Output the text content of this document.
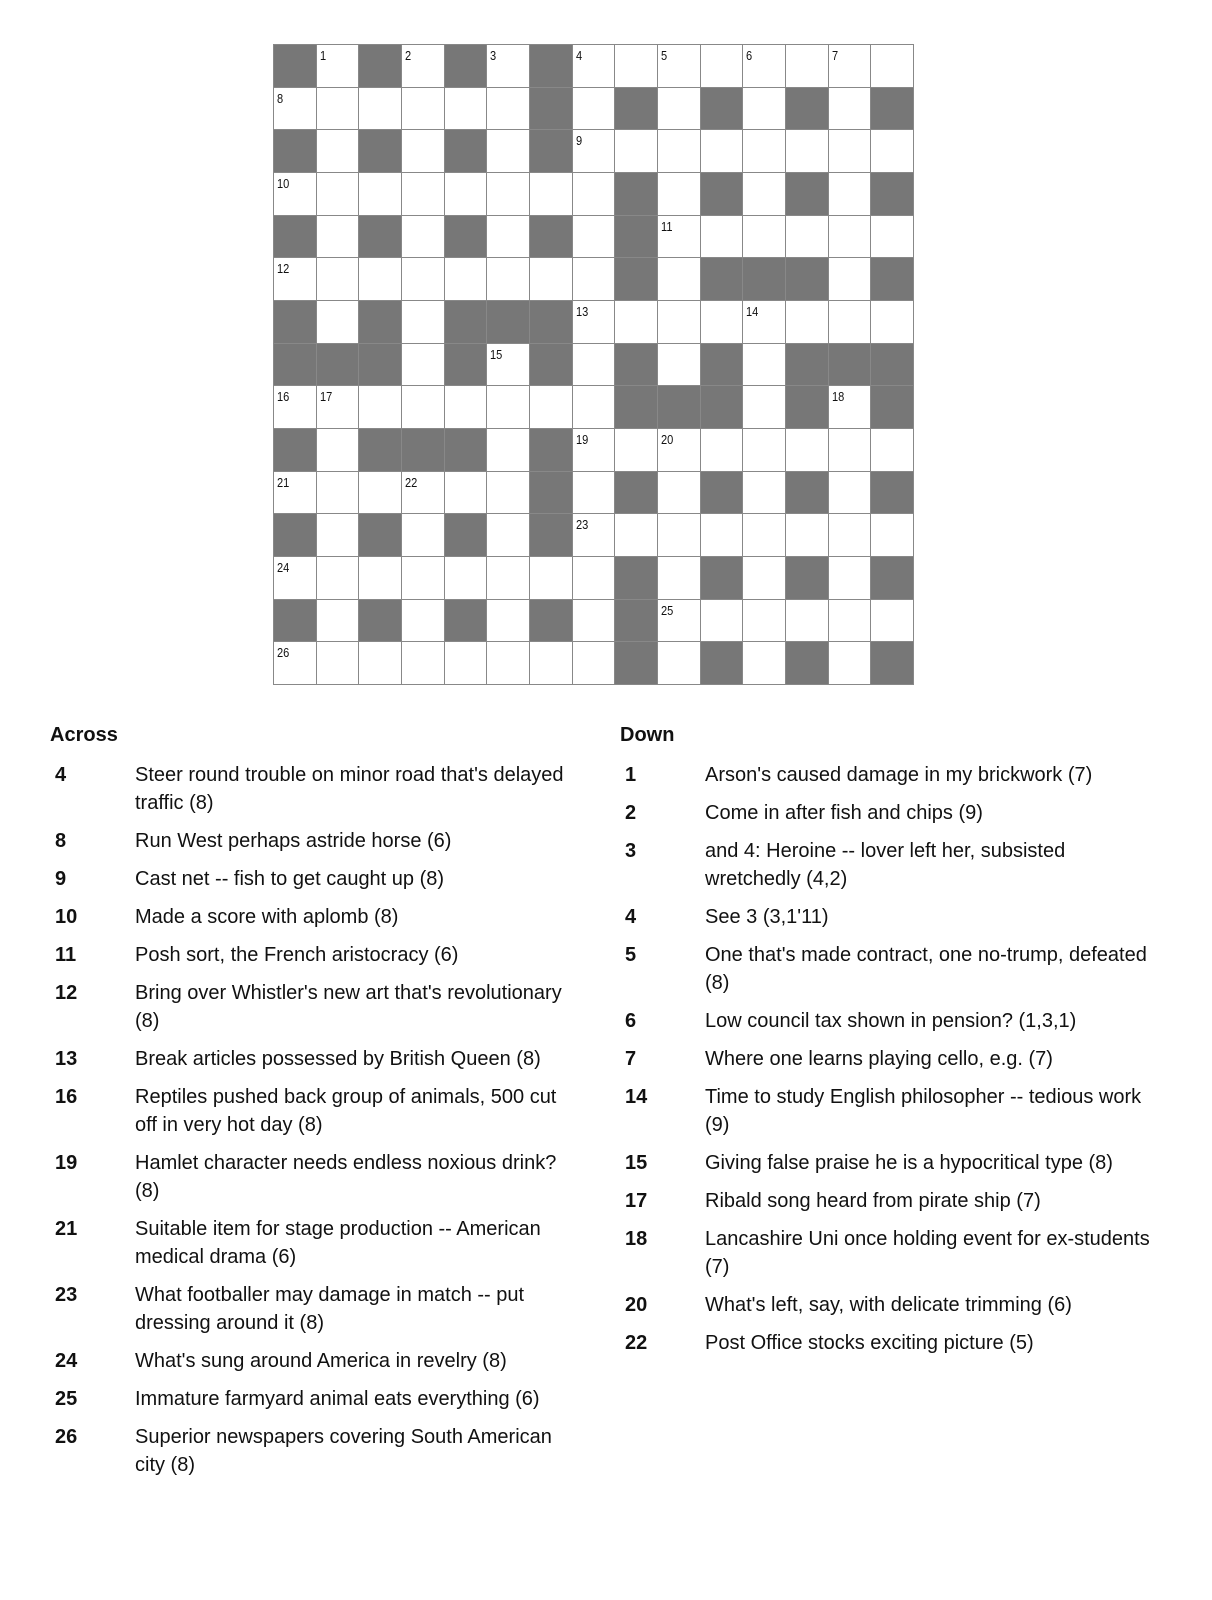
1	2	3	4	5	6	7
8
9
10
11
12
13	14
15
16 17	18
19	20
21	22
23
24
25
26
Across
4	Steer round trouble on minor road that's delayed traffic (8)
8	Run West perhaps astride horse (6)
9	Cast net -- fish to get caught up (8)
10	Made a score with aplomb (8)
11	Posh sort, the French aristocracy (6)
12	Bring over Whistler's new art that's revolutionary (8)
13	Break articles possessed by British Queen (8)
16	Reptiles pushed back group of animals, 500 cut off in very hot day (8)
19	Hamlet character needs endless noxious drink? (8)
21	Suitable item for stage production -- American medical drama (6)
23	What footballer may damage in match -- put dressing around it (8)
24	What's sung around America in revelry (8)
25	Immature farmyard animal eats everything (6)
26	Superior newspapers covering South American city (8)
Down
1	Arson's caused damage in my brickwork (7)
2	Come in after fish and chips (9)
3	and 4: Heroine -- lover left her, subsisted wretchedly (4,2)
4	See 3 (3,1'11)
5	One that's made contract, one no-trump, defeated (8)
6	Low council tax shown in pension? (1,3,1)
7	Where one learns playing cello, e.g. (7)
14	Time to study English philosopher -- tedious work (9)
15	Giving false praise he is a hypocritical type (8)
17	Ribald song heard from pirate ship (7)
18	Lancashire Uni once holding event for ex-students (7)
20	What's left, say, with delicate trimming (6)
22	Post Office stocks exciting picture (5)
